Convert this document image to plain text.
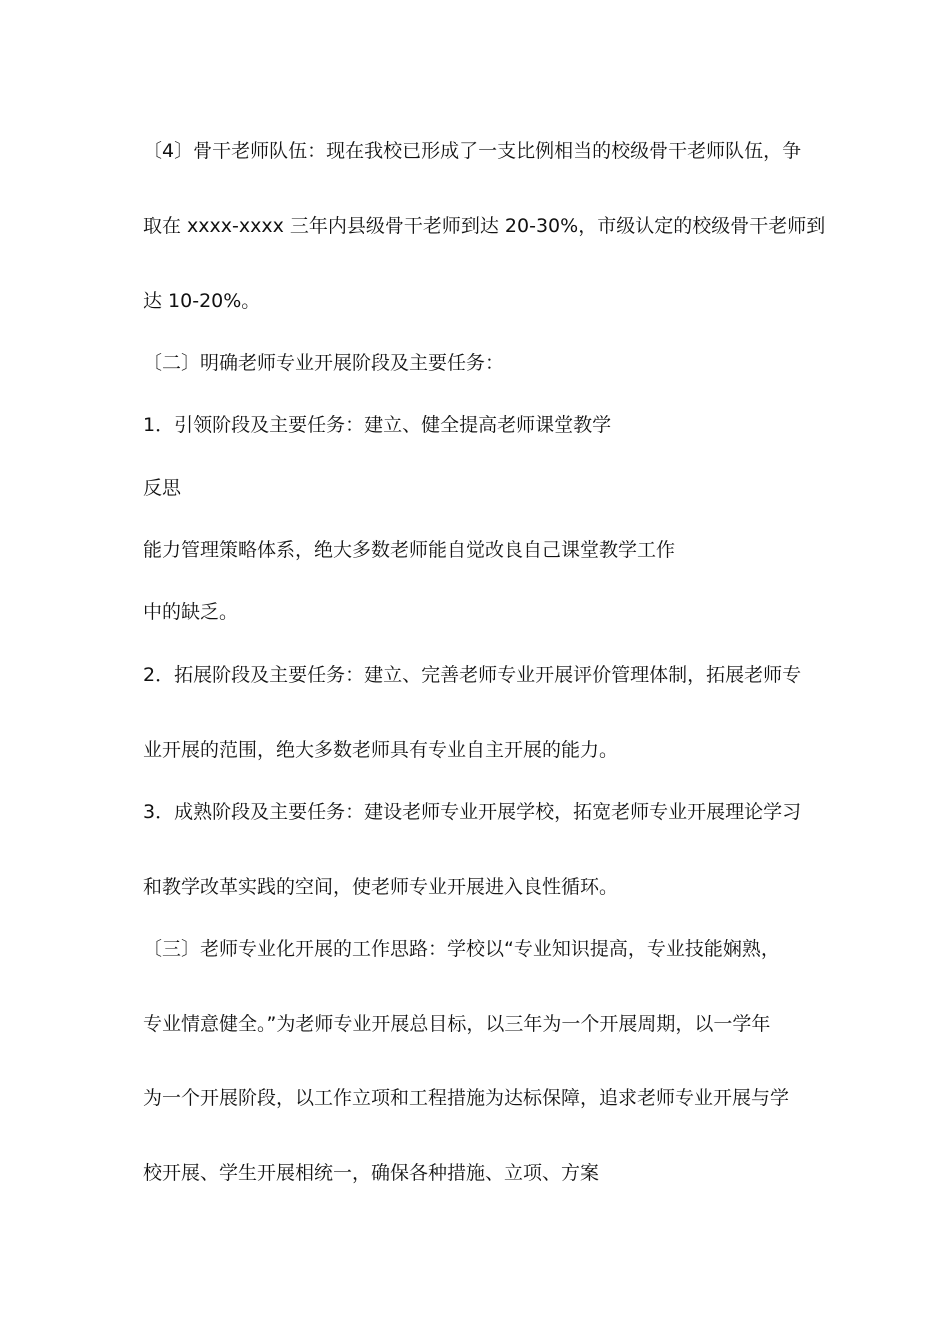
〔4〕骨干老师队伍：现在我校已形成了一支比例相当的校级骨干老师队伍，争
取在 xxxx-xxxx 三年内县级骨干老师到达 20-30%，市级认定的校级骨干老师到
达 10-20%。
〔二〕明确老师专业开展阶段及主要任务：
1．引领阶段及主要任务：建立、健全提高老师课堂教学
反思
能力管理策略体系，绝大多数老师能自觉改良自己课堂教学工作
中的缺乏。
2．拓展阶段及主要任务：建立、完善老师专业开展评价管理体制，拓展老师专
业开展的范围，绝大多数老师具有专业自主开展的能力。
3．成熟阶段及主要任务：建设老师专业开展学校，拓宽老师专业开展理论学习
和教学改革实践的空间，使老师专业开展进入良性循环。
〔三〕老师专业化开展的工作思路：学校以“专业知识提高，专业技能娴熟，
专业情意健全。”为老师专业开展总目标，以三年为一个开展周期，以一学年
为一个开展阶段，以工作立项和工程措施为达标保障，追求老师专业开展与学
校开展、学生开展相统一，确保各种措施、立项、方案
